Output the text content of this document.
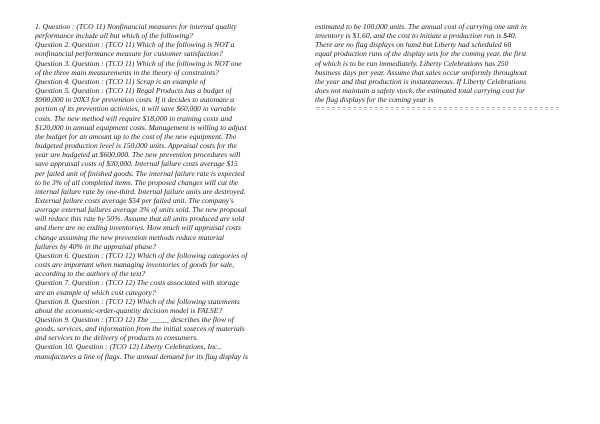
1. Question : (TCO 11) Nonfinancial measures for internal quality
performance include all but which of the following?
Question 2. Question : (TCO 11) Which of the following is NOT a
nonfinancial performance measure for customer satisfaction?
Question 3. Question : (TCO 11) Which of the following is NOT one
of the three main measurements in the theory of constraints?
Question 4. Question : (TCO 11) Scrap is an example of
Question 5. Question : (TCO 11) Regal Products has a budget of
$900,000 in 20X3 for prevention costs. If it decides to automate a
portion of its prevention activities, it will save $60,000 in variable
costs. The new method will require $18,000 in training costs and
$120,000 in annual equipment costs. Management is willing to adjust
the budget for an amount up to the cost of the new equipment. The
budgeted production level is 150,000 units. Appraisal costs for the
year are budgeted at $600,000. The new prevention procedures will
save appraisal costs of $30,000. Internal failure costs average $15
per failed unit of finished goods. The internal failure rate is expected
to be 3% of all completed items. The proposed changes will cut the
internal failure rate by one-third. Internal failure units are destroyed.
External failure costs average $54 per failed unit. The company's
average external failures average 3% of units sold. The new proposal
will reduce this rate by 50%. Assume that all units produced are sold
and there are no ending inventories. How much will appraisal costs
change assuming the new prevention methods reduce material
failures by 40% in the appraisal phase?
Question 6. Question : (TCO 12) Which of the following categories of
costs are important when managing inventories of goods for sale,
according to the authors of the text?
Question 7. Question : (TCO 12) The costs associated with storage
are an example of which cost category?
Question 8. Question : (TCO 12) Which of the following statements
about the economic-order-quantity decision model is FALSE?
Question 9. Question : (TCO 12) The _____ describes the flow of
goods, services, and information from the initial sources of materials
and services to the delivery of products to consumers.
Question 10. Question : (TCO 12) Liberty Celebrations, Inc.,
manufactures a line of flags. The annual demand for its flag display is
estimated to be 100,000 units. The annual cost of carrying one unit in
inventory is $1.60, and the cost to initiate a production run is $40.
There are no flag displays on hand but Liberty had scheduled 60
equal production runs of the display sets for the coming year, the first
of which is to be run immediately. Liberty Celebrations has 250
business days per year. Assume that sales occur uniformly throughout
the year and that production is instantaneous. If Liberty Celebrations
does not maintain a safety stock, the estimated total carrying cost for
the flag displays for the coming year is
==============================================
